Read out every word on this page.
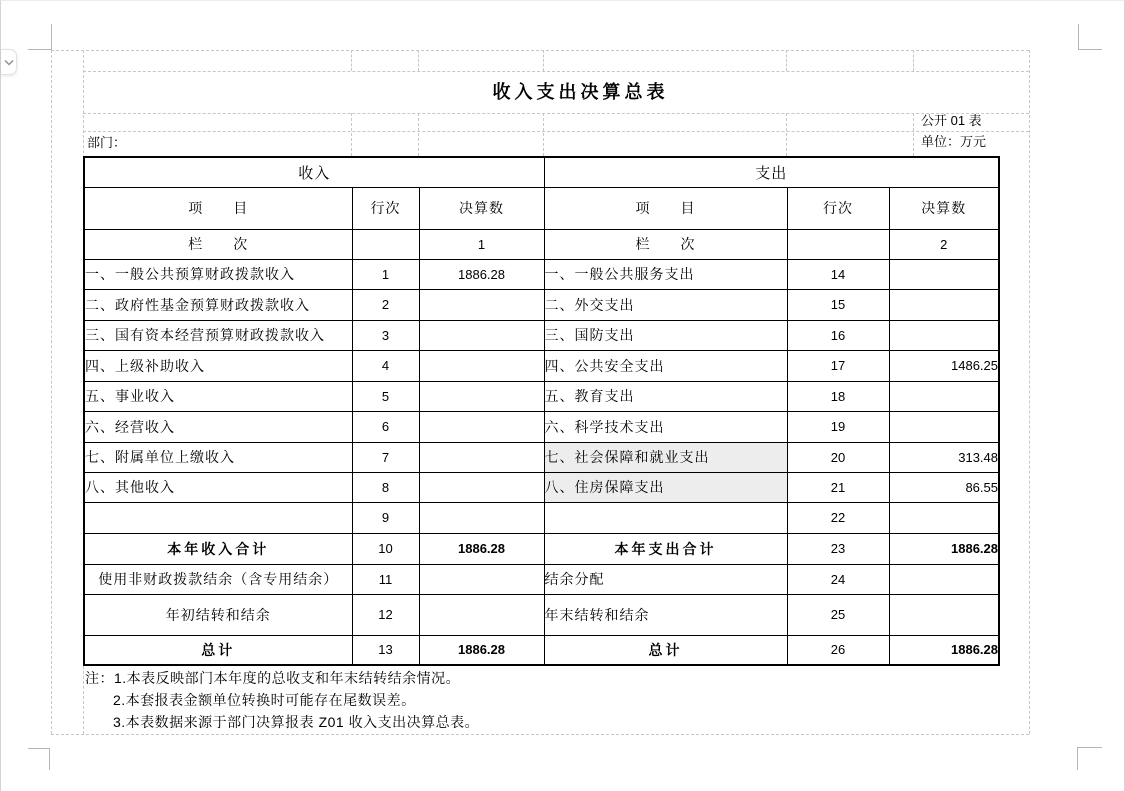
收入支出决算总表
公开 01 表
单位：万元
部门：
收入			支出		
项　　目	行次	决算数	项　　目	行次	决算数
栏　　次		1	栏　　次		2
一、一般公共预算财政拨款收入	1	1886.28	一、一般公共服务支出	14	
二、政府性基金预算财政拨款收入	2		二、外交支出	15	
三、国有资本经营预算财政拨款收入	3		三、国防支出	16	
四、上级补助收入	4		四、公共安全支出	17	1486.25
五、事业收入	5		五、教育支出	18	
六、经营收入	6		六、科学技术支出	19	
七、附属单位上缴收入	7		七、社会保障和就业支出	20	313.48
八、其他收入	8		八、住房保障支出	21	86.55
	9			22	
本年收入合计	10	1886.28	本年支出合计	23	1886.28
使用非财政拨款结余（含专用结余）	11		结余分配	24	
年初结转和结余	12		年末结转和结余	25	
总计	13	1886.28	总计	26	1886.28
注：1.本表反映部门本年度的总收支和年末结转结余情况。
2.本套报表金额单位转换时可能存在尾数误差。
3.本表数据来源于部门决算报表 Z01 收入支出决算总表。
